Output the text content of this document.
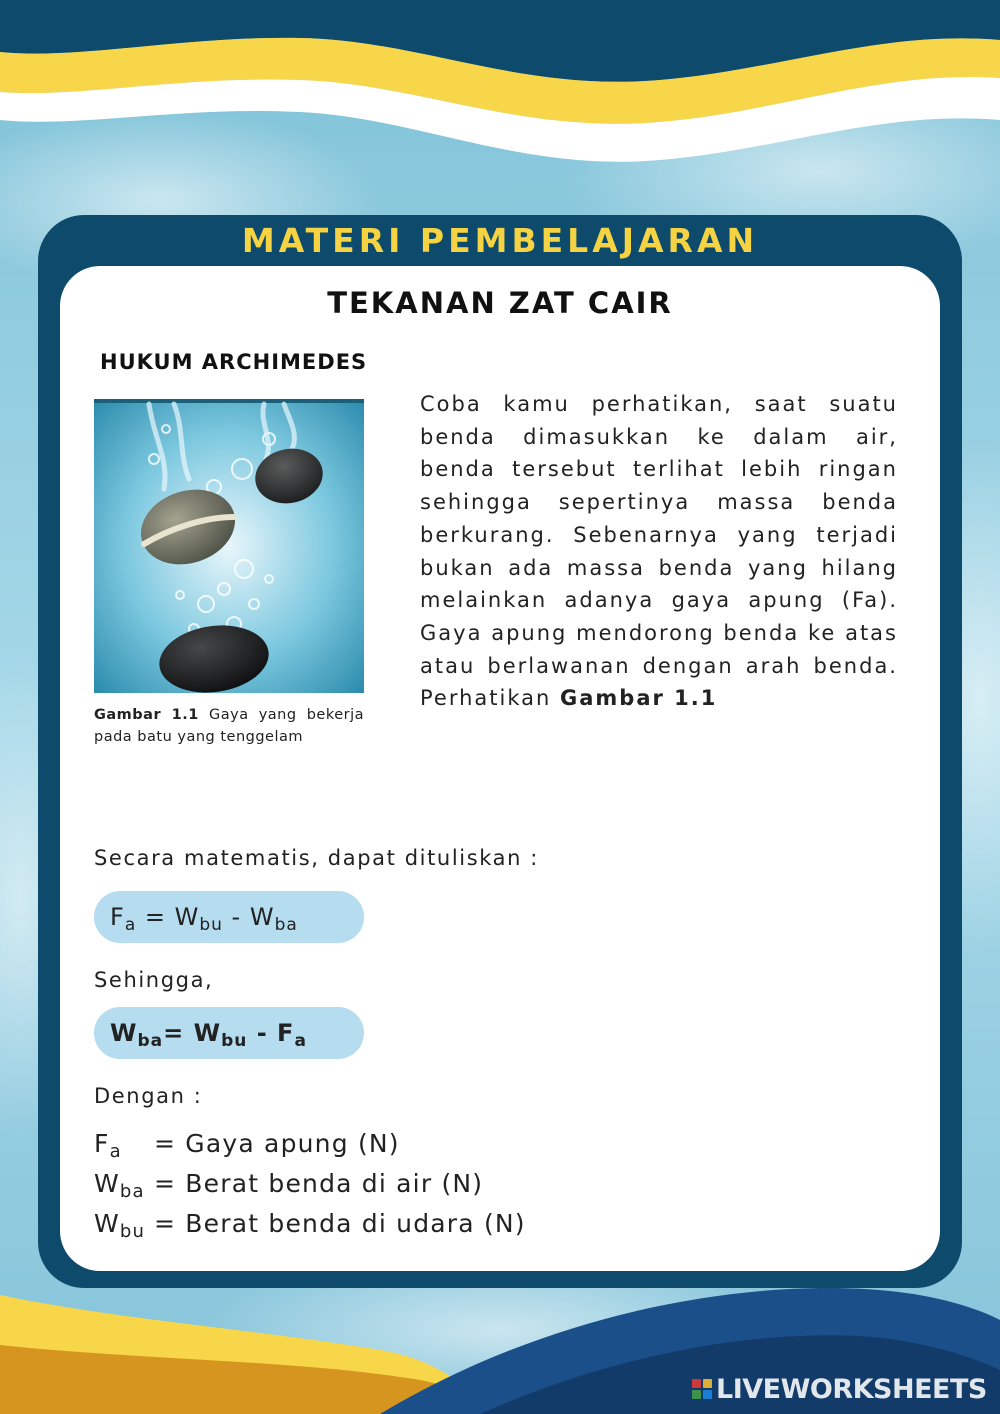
MATERI PEMBELAJARAN
TEKANAN ZAT CAIR
HUKUM ARCHIMEDES
Gambar 1.1 Gaya yang bekerja pada batu yang tenggelam
Coba kamu perhatikan, saat suatu benda dimasukkan ke dalam air, benda tersebut terlihat lebih ringan sehingga sepertinya massa benda berkurang. Sebenarnya yang terjadi bukan ada massa benda yang hilang melainkan adanya gaya apung (Fa). Gaya apung mendorong benda ke atas atau berlawanan dengan arah benda. Perhatikan Gambar 1.1
Secara matematis, dapat dituliskan :
$F_a = W_{bu} - W_{ba}$
Sehingga,
$W_{ba}= W_{bu} - F_a$
Dengan :
$F_a$ = Gaya apung (N)
$W_{ba}$ = Berat benda di air (N)
$W_{bu}$ = Berat benda di udara (N)
LIVEWORKSHEETS
